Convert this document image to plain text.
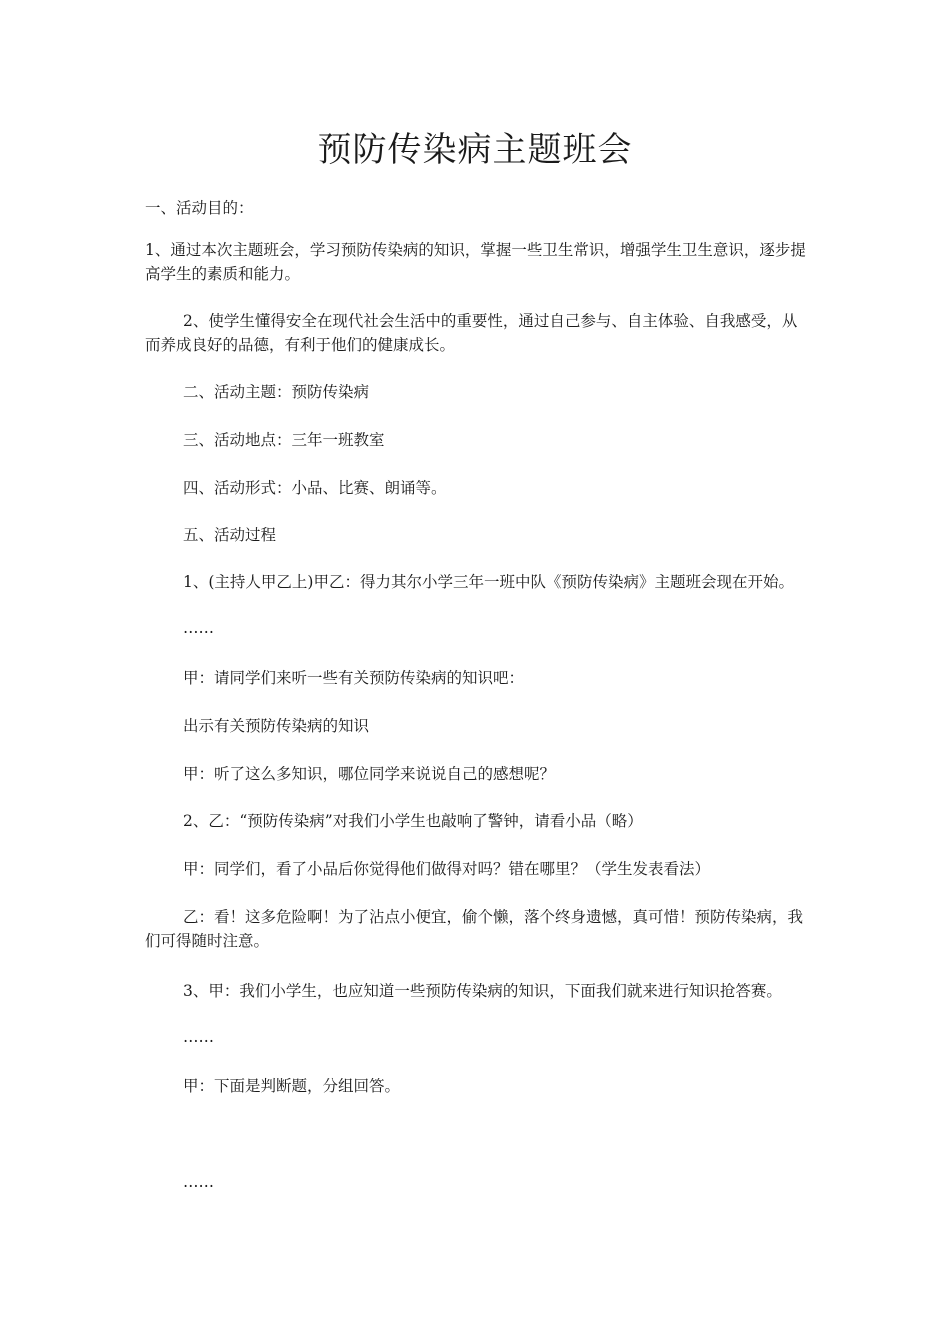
预防传染病主题班会
一、活动目的：
1、通过本次主题班会，学习预防传染病的知识，掌握一些卫生常识，增强学生卫生意识，逐步提高学生的素质和能力。
2、使学生懂得安全在现代社会生活中的重要性，通过自己参与、自主体验、自我感受，从而养成良好的品德，有利于他们的健康成长。
二、活动主题：预防传染病
三、活动地点：三年一班教室
四、活动形式：小品、比赛、朗诵等。
五、活动过程
1、(主持人甲乙上)甲乙：得力其尔小学三年一班中队《预防传染病》主题班会现在开始。
……
甲：请同学们来听一些有关预防传染病的知识吧：
出示有关预防传染病的知识
甲：听了这么多知识，哪位同学来说说自己的感想呢？
2、乙：“预防传染病”对我们小学生也敲响了警钟，请看小品（略）
甲：同学们，看了小品后你觉得他们做得对吗？错在哪里？（学生发表看法）
乙：看！这多危险啊！为了沾点小便宜，偷个懒，落个终身遗憾，真可惜！预防传染病，我们可得随时注意。
3、甲：我们小学生，也应知道一些预防传染病的知识，下面我们就来进行知识抢答赛。
……
甲：下面是判断题，分组回答。
……
